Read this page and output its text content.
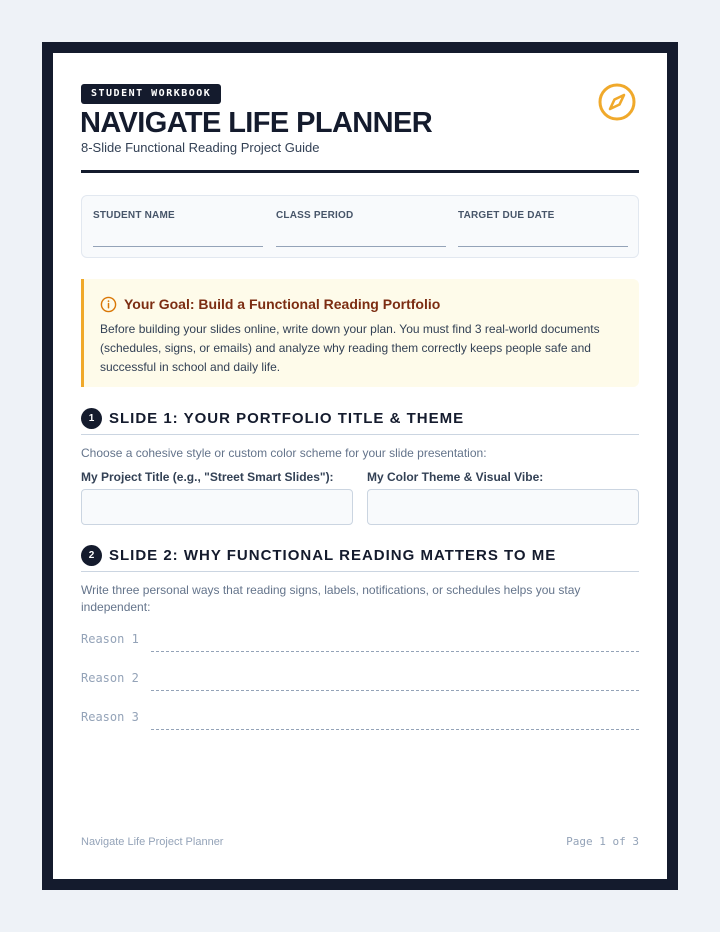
STUDENT WORKBOOK
NAVIGATE LIFE PLANNER
8-Slide Functional Reading Project Guide
STUDENT NAME	CLASS PERIOD	TARGET DUE DATE
Your Goal: Build a Functional Reading Portfolio
Before building your slides online, write down your plan. You must find 3 real-world documents (schedules, signs, or emails) and analyze why reading them correctly keeps people safe and successful in school and daily life.
1 SLIDE 1: YOUR PORTFOLIO TITLE & THEME
Choose a cohesive style or custom color scheme for your slide presentation:
My Project Title (e.g., "Street Smart Slides"):	My Color Theme & Visual Vibe:
2 SLIDE 2: WHY FUNCTIONAL READING MATTERS TO ME
Write three personal ways that reading signs, labels, notifications, or schedules helps you stay independent:
Reason 1
Reason 2
Reason 3
Navigate Life Project Planner	Page 1 of 3
